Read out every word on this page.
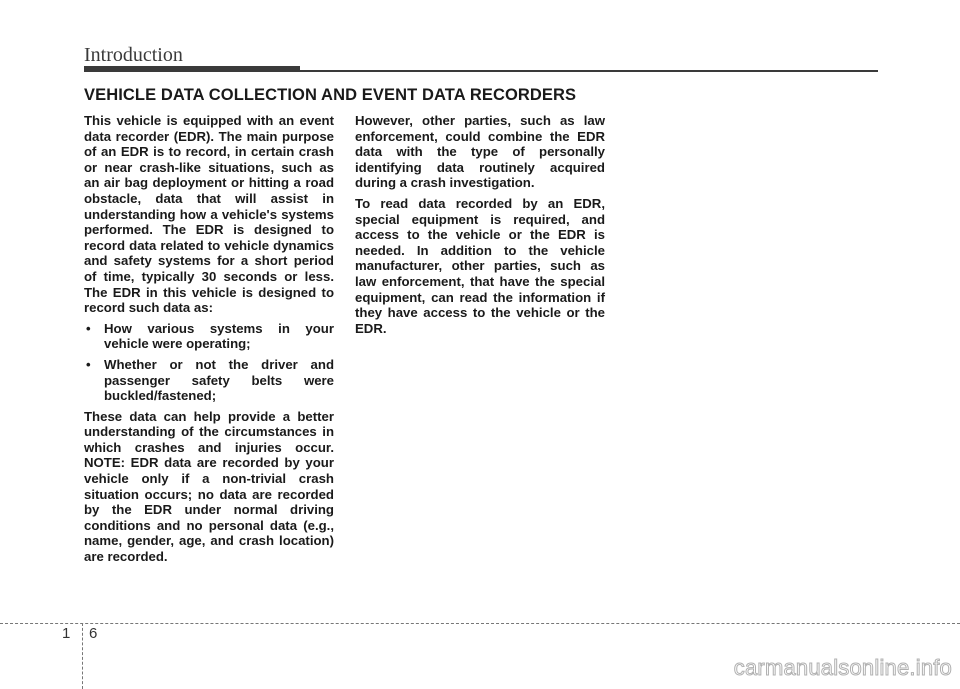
Introduction
VEHICLE DATA COLLECTION AND EVENT DATA RECORDERS

This vehicle is equipped with an event data recorder (EDR). The main purpose of an EDR is to record, in certain crash or near crash-like situations, such as an air bag deployment or hitting a road obstacle, data that will assist in understanding how a vehicle's systems performed. The EDR is designed to record data related to vehicle dynamics and safety systems for a short period of time, typically 30 seconds or less. The EDR in this vehicle is designed to record such data as:

• How various systems in your vehicle were operating;
• Whether or not the driver and passenger safety belts were buckled/fastened;

These data can help provide a better understanding of the circumstances in which crashes and injuries occur. NOTE: EDR data are recorded by your vehicle only if a non-trivial crash situation occurs; no data are recorded by the EDR under normal driving conditions and no personal data (e.g., name, gender, age, and crash location) are recorded.

However, other parties, such as law enforcement, could combine the EDR data with the type of personally identifying data routinely acquired during a crash investigation.

To read data recorded by an EDR, special equipment is required, and access to the vehicle or the EDR is needed. In addition to the vehicle manufacturer, other parties, such as law enforcement, that have the special equipment, can read the information if they have access to the vehicle or the EDR.

1 6
carmanualsonline.info
